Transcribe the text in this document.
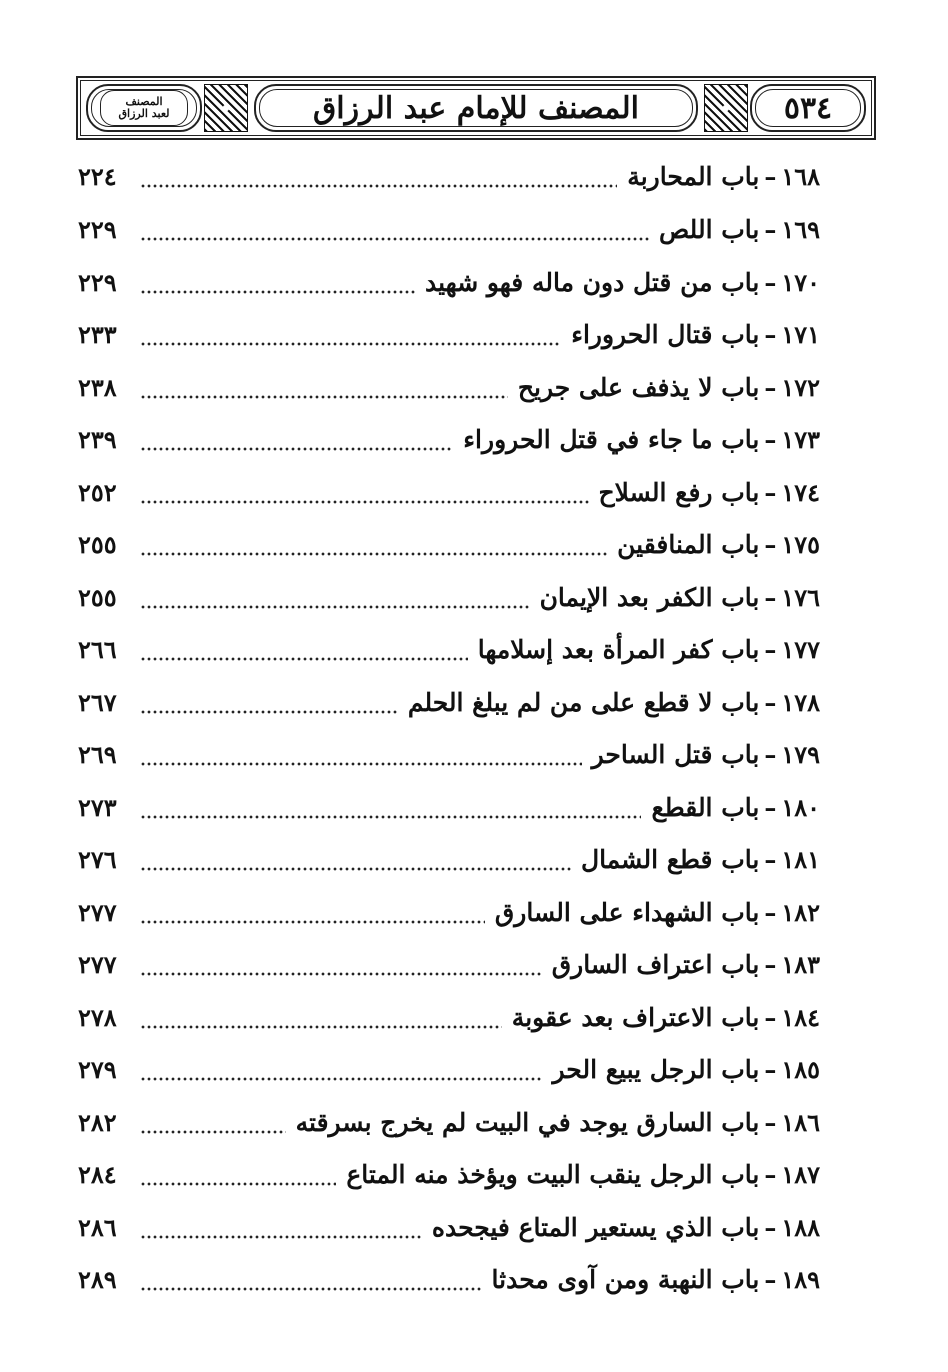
المصنف
لعبد الرزاق	المصنف للإمام عبد الرزاق	٥٣٤
١٦٨
–
باب المحاربة
٢٢٤
١٦٩
–
باب اللص
٢٢٩
١٧٠
–
باب من قتل دون ماله فهو شهيد
٢٢٩
١٧١
–
باب قتال الحروراء
٢٣٣
١٧٢
–
باب لا يذفف على جريح
٢٣٨
١٧٣
–
باب ما جاء في قتل الحروراء
٢٣٩
١٧٤
–
باب رفع السلاح
٢٥٢
١٧٥
–
باب المنافقين
٢٥٥
١٧٦
–
باب الكفر بعد الإيمان
٢٥٥
١٧٧
–
باب كفر المرأة بعد إسلامها
٢٦٦
١٧٨
–
باب لا قطع على من لم يبلغ الحلم
٢٦٧
١٧٩
–
باب قتل الساحر
٢٦٩
١٨٠
–
باب القطع
٢٧٣
١٨١
–
باب قطع الشمال
٢٧٦
١٨٢
–
باب الشهداء على السارق
٢٧٧
١٨٣
–
باب اعتراف السارق
٢٧٧
١٨٤
–
باب الاعتراف بعد عقوبة
٢٧٨
١٨٥
–
باب الرجل يبيع الحر
٢٧٩
١٨٦
–
باب السارق يوجد في البيت لم يخرج بسرقته
٢٨٢
١٨٧
–
باب الرجل ينقب البيت ويؤخذ منه المتاع
٢٨٤
١٨٨
–
باب الذي يستعير المتاع فيجحده
٢٨٦
١٨٩
–
باب النهبة ومن آوى محدثا
٢٨٩
